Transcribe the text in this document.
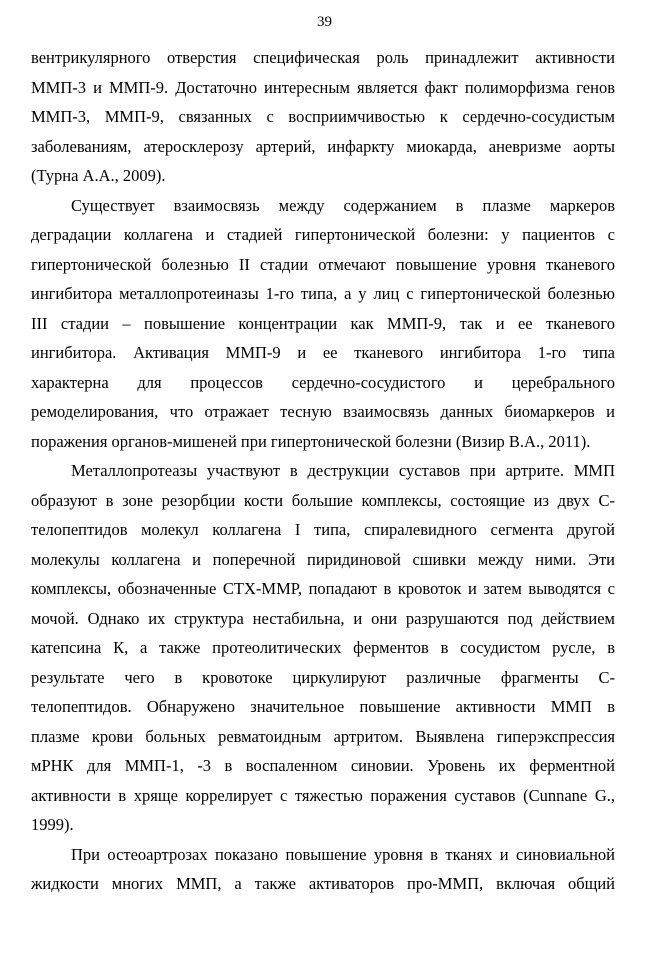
39

вентрикулярного отверстия специфическая роль принадлежит активности
ММП-3 и ММП-9. Достаточно интересным является факт полиморфизма генов
ММП-3, ММП-9, связанных с восприимчивостью к сердечно-сосудистым
заболеваниям, атеросклерозу артерий, инфаркту миокарда, аневризме аорты
(Турна А.А., 2009).

Существует взаимосвязь между содержанием в плазме маркеров
деградации коллагена и стадией гипертонической болезни: у пациентов с
гипертонической болезнью II стадии отмечают повышение уровня тканевого
ингибитора металлопротеиназы 1-го типа, а у лиц с гипертонической болезнью
III стадии – повышение концентрации как ММП-9, так и ее тканевого
ингибитора. Активация ММП-9 и ее тканевого ингибитора 1-го типа
характерна для процессов сердечно-сосудистого и церебрального
ремоделирования, что отражает тесную взаимосвязь данных биомаркеров и
поражения органов-мишеней при гипертонической болезни (Визир В.А., 2011).

Металлопротеазы участвуют в деструкции суставов при артрите. ММП
образуют в зоне резорбции кости большие комплексы, состоящие из двух С-
телопептидов молекул коллагена I типа, спиралевидного сегмента другой
молекулы коллагена и поперечной пиридиновой сшивки между ними. Эти
комплексы, обозначенные СТХ-ММР, попадают в кровоток и затем выводятся с
мочой. Однако их структура нестабильна, и они разрушаются под действием
катепсина К, а также протеолитических ферментов в сосудистом русле, в
результате чего в кровотоке циркулируют различные фрагменты С-
телопептидов. Обнаружено значительное повышение активности ММП в
плазме крови больных ревматоидным артритом. Выявлена гиперэкспрессия
мРНК для ММП-1, -3 в воспаленном синовии. Уровень их ферментной
активности в хряще коррелирует с тяжестью поражения суставов (Cunnane G.,
1999).

При остеоартрозах показано повышение уровня в тканях и синовиальной
жидкости многих ММП, а также активаторов про-ММП, включая общий
